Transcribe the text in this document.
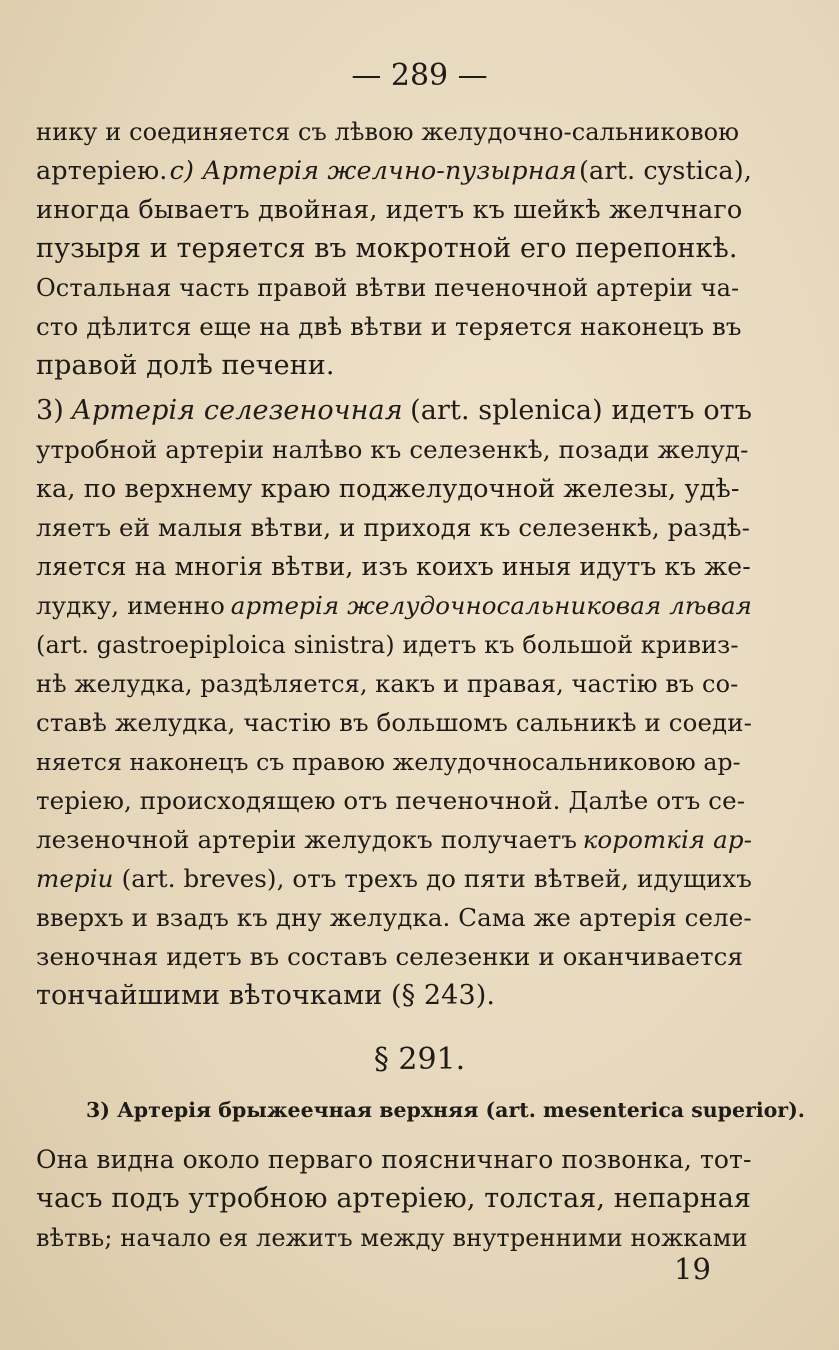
— 289 —
нику и соединяется съ лѣвою желудочно-сальниковою
артеріею. с) Артерія желчно-пузырная (art. cystica),
иногда бываетъ двойная, идетъ къ шейкѣ желчнаго
пузыря и теряется въ мокротной его перепонкѣ.
Остальная часть правой вѣтви печеночной артеріи ча-
сто дѣлится еще на двѣ вѣтви и теряется наконецъ въ
правой долѣ печени.
3) Артерія селезеночная (art. splenica) идетъ отъ
утробной артеріи налѣво къ селезенкѣ, позади желуд-
ка, по верхнему краю поджелудочной железы, удѣ-
ляетъ ей малыя вѣтви, и приходя къ селезенкѣ, раздѣ-
ляется на многія вѣтви, изъ коихъ иныя идутъ къ же-
лудку, именно артерія желудочносальниковая лѣвая
(art. gastroepiploica sinistra) идетъ къ большой кривиз-
нѣ желудка, раздѣляется, какъ и правая, частію въ со-
ставѣ желудка, частію въ большомъ сальникѣ и соеди-
няется наконецъ съ правою желудочносальниковою ар-
теріею, происходящею отъ печеночной. Далѣе отъ се-
лезеночной артеріи желудокъ получаетъ короткія ар-
теріи (art. breves), отъ трехъ до пяти вѣтвей, идущихъ
вверхъ и взадъ къ дну желудка. Сама же артерія селе-
зеночная идетъ въ составъ селезенки и оканчивается
тончайшими вѣточками (§ 243).
Она видна около перваго поясничнаго позвонка, тот-
часъ подъ утробною артеріею, толстая, непарная
вѣтвь; начало ея лежитъ между внутренними ножками
§ 291.
3) Артерія брыжеечная верхняя (art. mesenterica superior).
19
